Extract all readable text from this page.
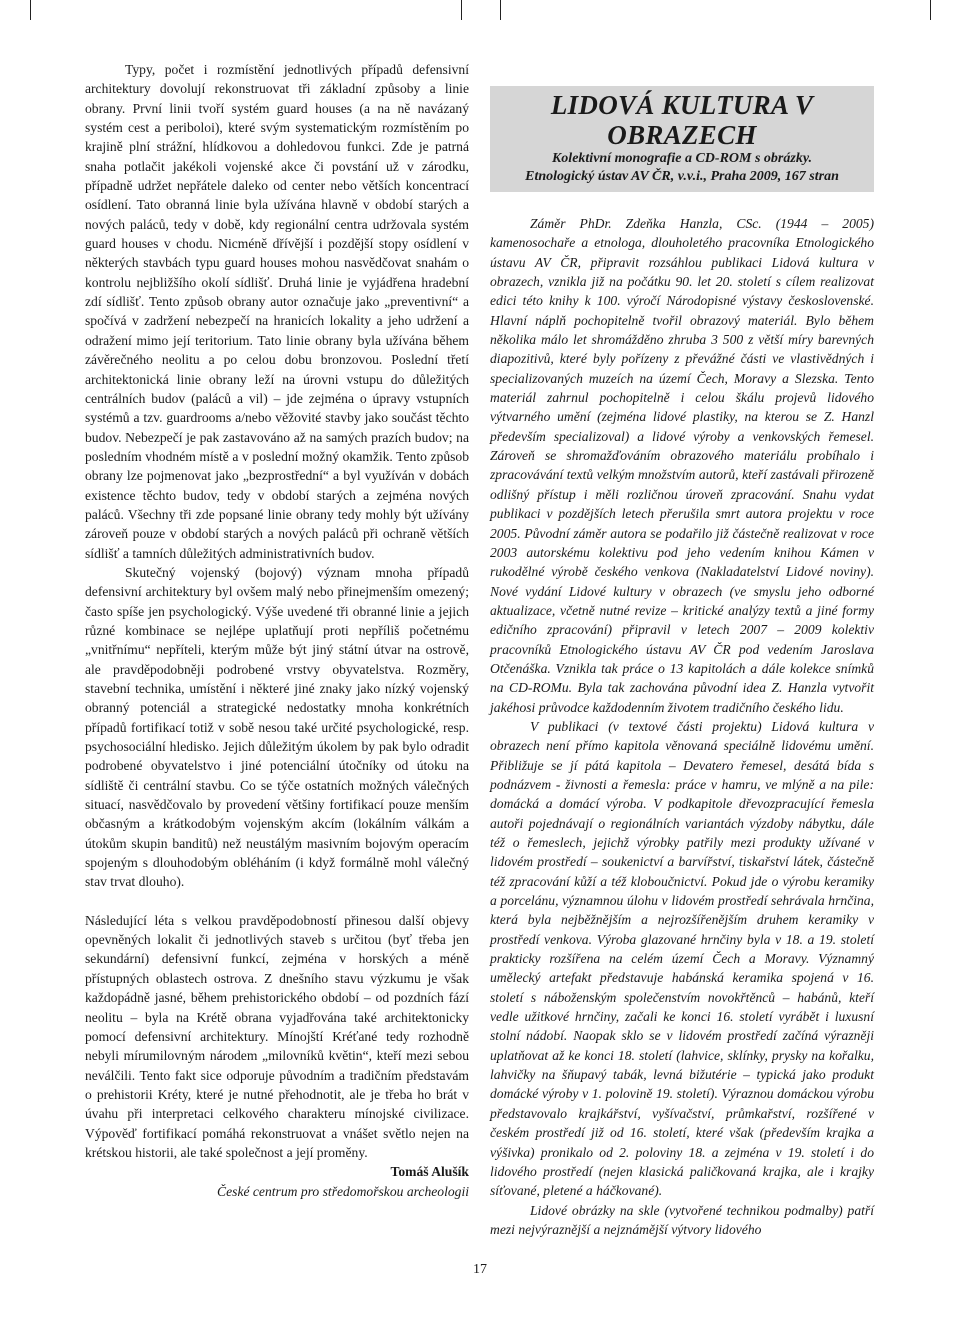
Typy, počet i rozmístění jednotlivých případů defensivní architektury dovolují rekonstruovat tři základní způsoby a linie obrany. První linii tvoří systém guard houses (a na ně navázaný systém cest a periboloi), které svým systematickým rozmístěním po krajině plní strážní, hlídkovou a dohledovou funkci. Zde je patrná snaha potlačit jakékoli vojenské akce či povstání už v zárodku, případně udržet nepřátele daleko od center nebo větších koncentrací osídlení. Tato obranná linie byla užívána hlavně v období starých a nových paláců, tedy v době, kdy regionální centra udržovala systém guard houses v chodu. Nicméně dřívější i pozdější stopy osídlení v některých stavbách typu guard houses mohou nasvědčovat snahám o kontrolu nejbližšího okolí sídlišť. Druhá linie je vyjádřena hradební zdí sídlišť. Tento způsob obrany autor označuje jako „preventivní“ a spočívá v zadržení nebezpečí na hranicích lokality a jeho udržení a odražení mimo její teritorium. Tato linie obrany byla užívána během závěrečného neolitu a po celou dobu bronzovou. Poslední třetí architektonická linie obrany leží na úrovni vstupu do důležitých centrálních budov (paláců a vil) – jde zejména o úpravy vstupních systémů a tzv. guardrooms a/nebo věžovité stavby jako součást těchto budov. Nebezpečí je pak zastavováno až na samých prazích budov; na posledním vhodném místě a v poslední možný okamžik. Tento způsob obrany lze pojmenovat jako „bezprostřední“ a byl využíván v dobách existence těchto budov, tedy v období starých a zejména nových paláců. Všechny tři zde popsané linie obrany tedy mohly být užívány zároveň pouze v období starých a nových paláců při ochraně větších sídlišť a tamních důležitých administrativních budov.

Skutečný vojenský (bojový) význam mnoha případů defensivní architektury byl ovšem malý nebo přinejmenším omezený; často spíše jen psychologický. Výše uvedené tři obranné linie a jejich různé kombinace se nejlépe uplatňují proti nepříliš početnému „vnitřnímu“ nepříteli, kterým může být jiný státní útvar na ostrově, ale pravděpodobněji podrobené vrstvy obyvatelstva. Rozměry, stavební technika, umístění i některé jiné znaky jako nízký vojenský obranný potenciál a strategické nedostatky mnoha konkrétních případů fortifikací totiž v sobě nesou také určité psychologické, resp. psychosociální hledisko. Jejich důležitým úkolem by pak bylo odradit podrobené obyvatelstvo i jiné potenciální útočníky od útoku na sídliště či centrální stavbu. Co se týče ostatních možných válečných situací, nasvědčovalo by provedení většiny fortifikací pouze menším občasným a krátkodobým vojenským akcím (lokálním válkám a útokům skupin banditů) než neustálým masivním bojovým operacím spojeným s dlouhodobým obléháním (i když formálně mohl válečný stav trvat dlouho).

Následující léta s velkou pravděpodobností přinesou další objevy opevněných lokalit či jednotlivých staveb s určitou (byť třeba jen sekundární) defensivní funkcí, zejména v horských a méně přístupných oblastech ostrova. Z dnešního stavu výzkumu je však každopádně jasné, během prehistorického období – od pozdních fází neolitu – byla na Krétě obrana vyjadřována také architektonicky pomocí defensivní architektury. Mínojští Kréťané tedy rozhodně nebyli mírumilovným národem „milovníků květin“, kteří mezi sebou neválčili. Tento fakt sice odporuje původním a tradičním představám o prehistorii Kréty, které je nutné přehodnotit, ale je třeba ho brát v úvahu při interpretaci celkového charakteru mínojské civilizace. Výpověď fortifikací pomáhá rekonstruovat a vnášet světlo nejen na krétskou historii, ale také společnost a její proměny.

Tomáš Alušík

České centrum pro středomořskou archeologii

LIDOVÁ KULTURA V OBRAZECH
Kolektivní monografie a CD-ROM s obrázky.
Etnologický ústav AV ČR, v.v.i., Praha 2009, 167 stran

Záměr PhDr. Zdeňka Hanzla, CSc. (1944 – 2005) kamenosochaře a etnologa, dlouholetého pracovníka Etnologického ústavu AV ČR, připravit rozsáhlou publikaci Lidová kultura v obrazech, vznikla již na počátku 90. let 20. století s cílem realizovat edici této knihy k 100. výročí Národopisné výstavy československé. Hlavní náplň pochopitelně tvořil obrazový materiál. Bylo během několika málo let shromážděno zhruba 3 500 z větší míry barevných diapozitivů, které byly pořízeny z převážné části ve vlastivědných i specializovaných muzeích na území Čech, Moravy a Slezska. Tento materiál zahrnul pochopitelně i celou škálu projevů lidového výtvarného umění (zejména lidové plastiky, na kterou se Z. Hanzl především specializoval) a lidové výroby a venkovských řemesel. Zároveň se shromažďováním obrazového materiálu probíhalo i zpracovávání textů velkým množstvím autorů, kteří zastávali přirozeně odlišný přístup i měli rozličnou úroveň zpracování. Snahu vydat publikaci v pozdějších letech přerušila smrt autora projektu v roce 2005. Původní záměr autora se podařilo již částečně realizovat v roce 2003 autorskému kolektivu pod jeho vedením knihou Kámen v rukodělné výrobě českého venkova (Nakladatelství Lidové noviny). Nové vydání Lidové kultury v obrazech (ve smyslu jeho odborné aktualizace, včetně nutné revize – kritické analýzy textů a jiné formy edičního zpracování) připravil v letech 2007 – 2009 kolektiv pracovníků Etnologického ústavu AV ČR pod vedením Jaroslava Otčenáška. Vznikla tak práce o 13 kapitolách a dále kolekce snímků na CD-ROMu. Byla tak zachována původní idea Z. Hanzla vytvořit jakéhosi průvodce každodenním životem tradičního českého lidu.

V publikaci (v textové části projektu) Lidová kultura v obrazech není přímo kapitola věnovaná speciálně lidovému umění. Přibližuje se jí pátá kapitola – Devatero řemesel, desátá bída s podnázvem - živnosti a řemesla: práce v hamru, ve mlýně a na pile: domácká a domácí výroba. V podkapitole dřevozpracující řemesla autoři pojednávají o regionálních variantách výzdoby nábytku, dále též o řemeslech, jejichž výrobky patřily mezi produkty užívané v lidovém prostředí – soukenictví a barvířství, tiskařství látek, částečně též zpracování kůží a též kloboučnictví. Pokud jde o výrobu keramiky a porcelánu, významnou úlohu v lidovém prostředí sehrávala hrnčina, která byla nejběžnějším a nejrozšířenějším druhem keramiky v prostředí venkova. Výroba glazované hrnčiny byla v 18. a 19. století prakticky rozšířena na celém území Čech a Moravy. Významný umělecký artefakt představuje habánská keramika spojená v 16. století s náboženským společenstvím novokřtěnců – habánů, kteří vedle užitkové hrnčiny, začali ke konci 16. století vyrábět i luxusní stolní nádobí. Naopak sklo se v lidovém prostředí začíná výrazněji uplatňovat až ke konci 18. století (lahvice, sklínky, prysky na kořalku, lahvičky na šňupavý tabák, levná bižutérie – typická jako produkt domácké výroby v 1. polovině 19. století). Výraznou domáckou výrobu představovalo krajkářství, vyšívačství, průmkařství, rozšířené v českém prostředí již od 16. století, které však (především krajka a výšivka) pronikalo od 2. poloviny 18. a zejména v 19. století i do lidového prostředí (nejen klasická paličkovaná krajka, ale i krajky síťované, pletené a háčkované).

Lidové obrázky na skle (vytvořené technikou podmalby) patří mezi nejvýraznější a nejznámější výtvory lidového

17
